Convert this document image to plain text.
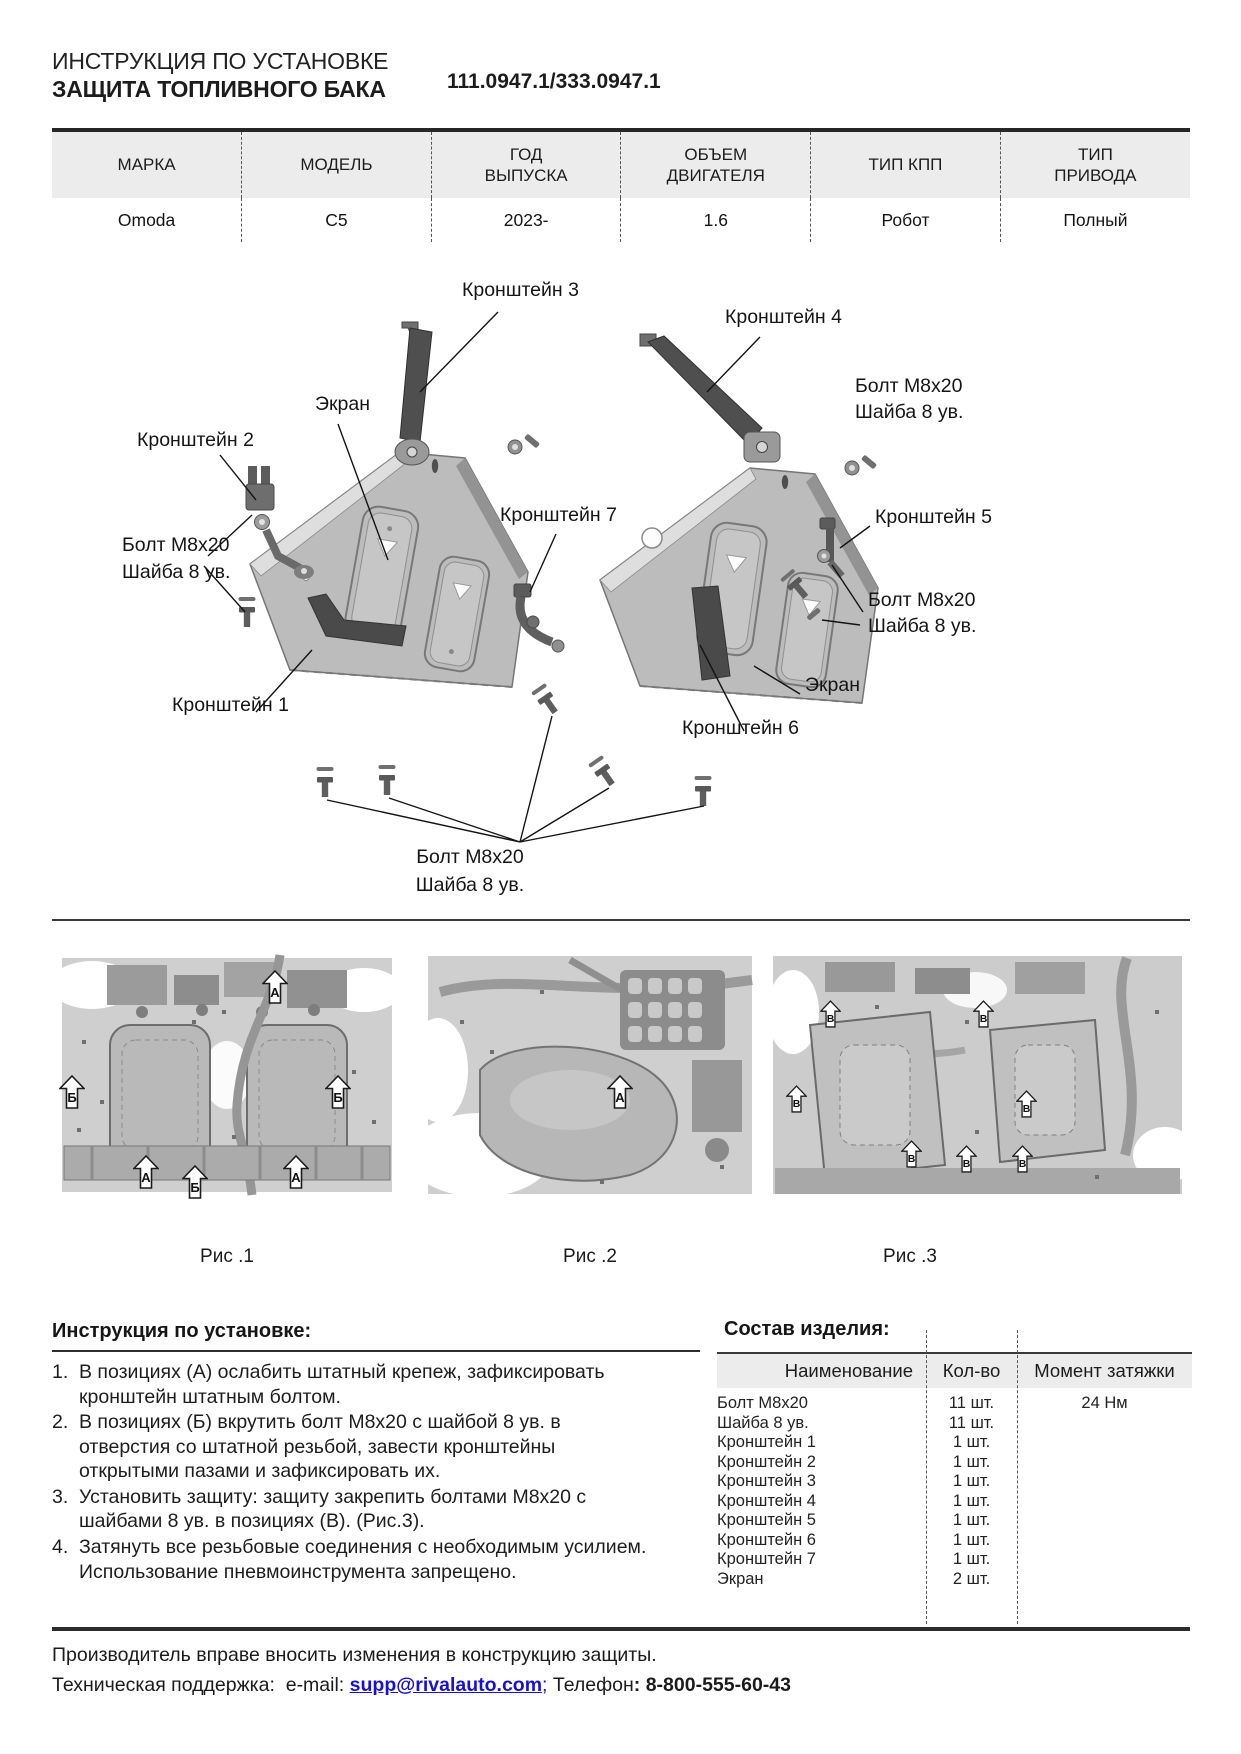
ИНСТРУКЦИЯ ПО УСТАНОВКЕ
ЗАЩИТА ТОПЛИВНОГО БАКА	111.0947.1/333.0947.1
МАРКА	МОДЕЛЬ	ГОД ВЫПУСКА	ОБЪЕМ ДВИГАТЕЛЯ	ТИП КПП	ТИП ПРИВОДА
Omoda	C5	2023-	1.6	Робот	Полный
Кронштейн 3
Кронштейн 4
Болт М8х20
Шайба 8 ув.
Экран
Кронштейн 2
Кронштейн 7	Кронштейн 5
Болт М8х20
Шайба 8 ув.
Болт М8х20
Шайба 8 ув.
Кронштейн 1
Экран
Кронштейн 6
Болт М8х20
Шайба 8 ув.
А
Б	Б
А
Б
А
А
В	В
В	В
В	В	В
Рис .1	Рис .2	Рис .3
Инструкция по установке:
1. В позициях (А) ослабить штатный крепеж, зафиксировать кронштейн штатным болтом.
2. В позициях (Б) вкрутить болт М8х20 с шайбой 8 ув. в отверстия со штатной резьбой, завести кронштейны открытыми пазами и зафиксировать их.
3. Установить защиту: защиту закрепить болтами М8х20 с шайбами 8 ув. в позициях (В). (Рис.3).
4. Затянуть все резьбовые соединения с необходимым усилием. Использование пневмоинструмента запрещено.
Состав изделия:
Наименование	Кол-во	Момент затяжки
Болт М8х20	11 шт.	24 Нм
Шайба 8 ув.	11 шт.
Кронштейн 1	1 шт.
Кронштейн 2	1 шт.
Кронштейн 3	1 шт.
Кронштейн 4	1 шт.
Кронштейн 5	1 шт.
Кронштейн 6	1 шт.
Кронштейн 7	1 шт.
Экран	2 шт.
Производитель вправе вносить изменения в конструкцию защиты.
Техническая поддержка: e-mail: supp@rivalauto.com; Телефон: 8-800-555-60-43
